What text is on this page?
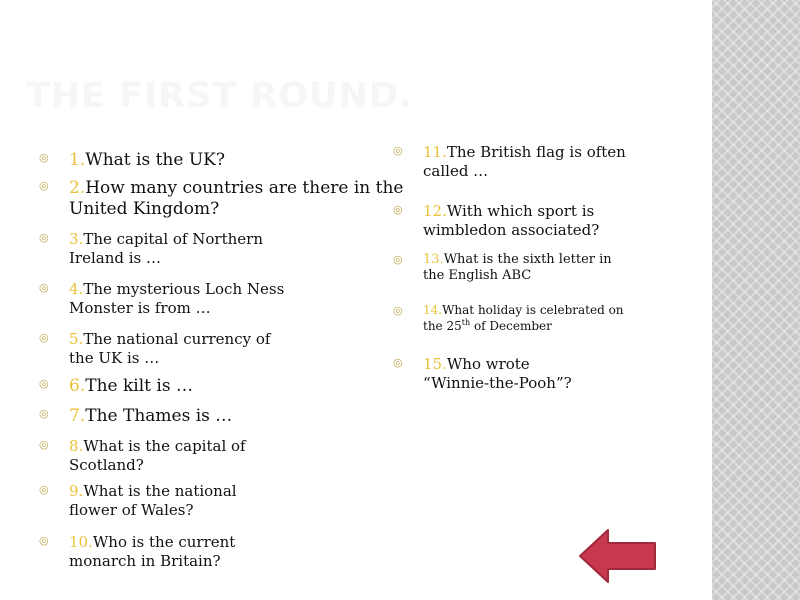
THE FIRST ROUND.
◎ 1.What is the UK?
◎ 2.How many countries are there in the
United Kingdom?
◎ 3.The capital of Northern
Ireland is …
◎ 4.The mysterious Loch Ness
Monster is from …
◎ 5.The national currency of
the UK is …
◎ 6.The kilt is …
◎ 7.The Thames is …
◎ 8.What is the capital of
Scotland?
◎ 9.What is the national
flower of Wales?
◎ 10.Who is the current
monarch in Britain?
◎ 11.The British flag is often
called …
◎ 12.With which sport is
wimbledon associated?
◎ 13.What is the sixth letter in
the English ABC
◎ 14.What holiday is celebrated on
the 25th of December
◎ 15.Who wrote
“Winnie-the-Pooh”?
